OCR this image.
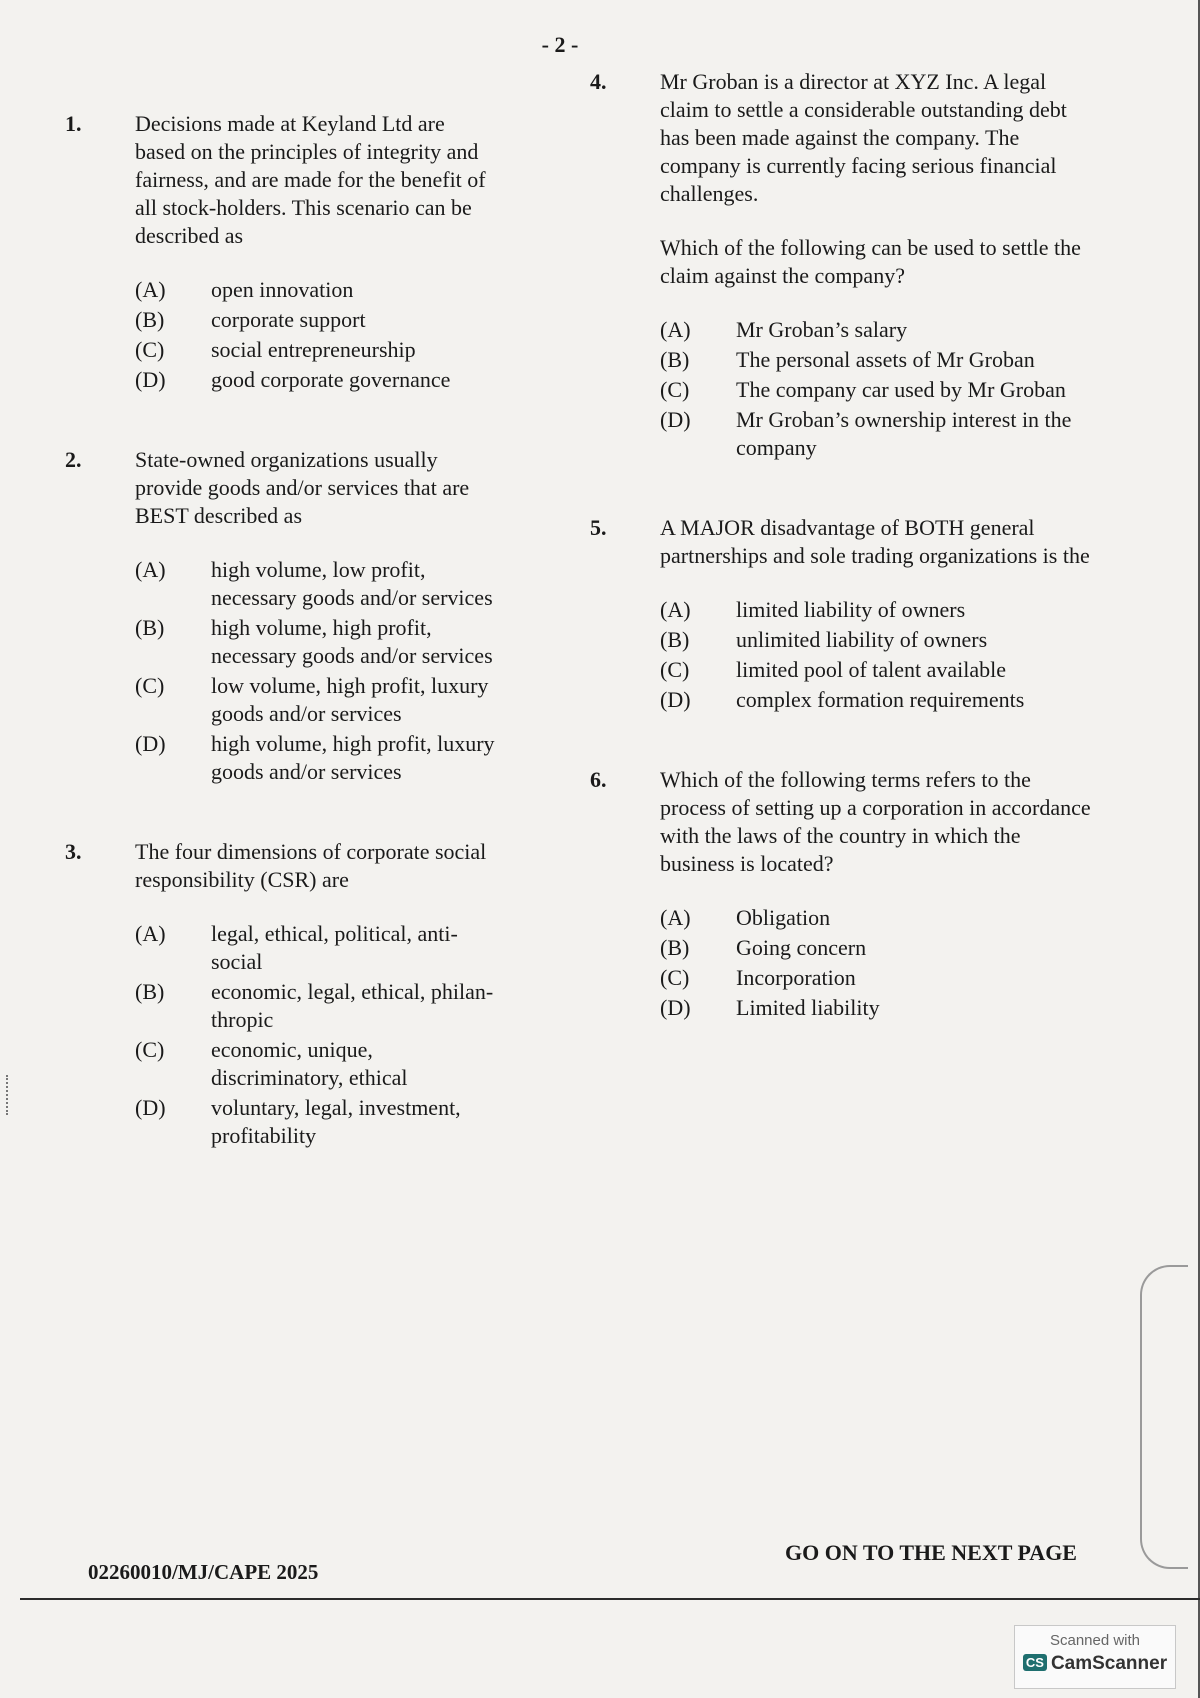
- 2 -
1. Decisions made at Keyland Ltd are based on the principles of integrity and fairness, and are made for the benefit of all stock-holders. This scenario can be described as

(A) open innovation
(B) corporate support
(C) social entrepreneurship
(D) good corporate governance
2. State-owned organizations usually provide goods and/or services that are BEST described as

(A) high volume, low profit, necessary goods and/or services
(B) high volume, high profit, necessary goods and/or services
(C) low volume, high profit, luxury goods and/or services
(D) high volume, high profit, luxury goods and/or services
3. The four dimensions of corporate social responsibility (CSR) are

(A) legal, ethical, political, anti-social
(B) economic, legal, ethical, philan-thropic
(C) economic, unique, discriminatory, ethical
(D) voluntary, legal, investment, profitability
4. Mr Groban is a director at XYZ Inc. A legal claim to settle a considerable outstanding debt has been made against the company. The company is currently facing serious financial challenges.

Which of the following can be used to settle the claim against the company?

(A) Mr Groban’s salary
(B) The personal assets of Mr Groban
(C) The company car used by Mr Groban
(D) Mr Groban’s ownership interest in the company
5. A MAJOR disadvantage of BOTH general partnerships and sole trading organizations is the

(A) limited liability of owners
(B) unlimited liability of owners
(C) limited pool of talent available
(D) complex formation requirements
6. Which of the following terms refers to the process of setting up a corporation in accordance with the laws of the country in which the business is located?

(A) Obligation
(B) Going concern
(C) Incorporation
(D) Limited liability
GO ON TO THE NEXT PAGE
02260010/MJ/CAPE 2025
Scanned with
CS CamScanner
